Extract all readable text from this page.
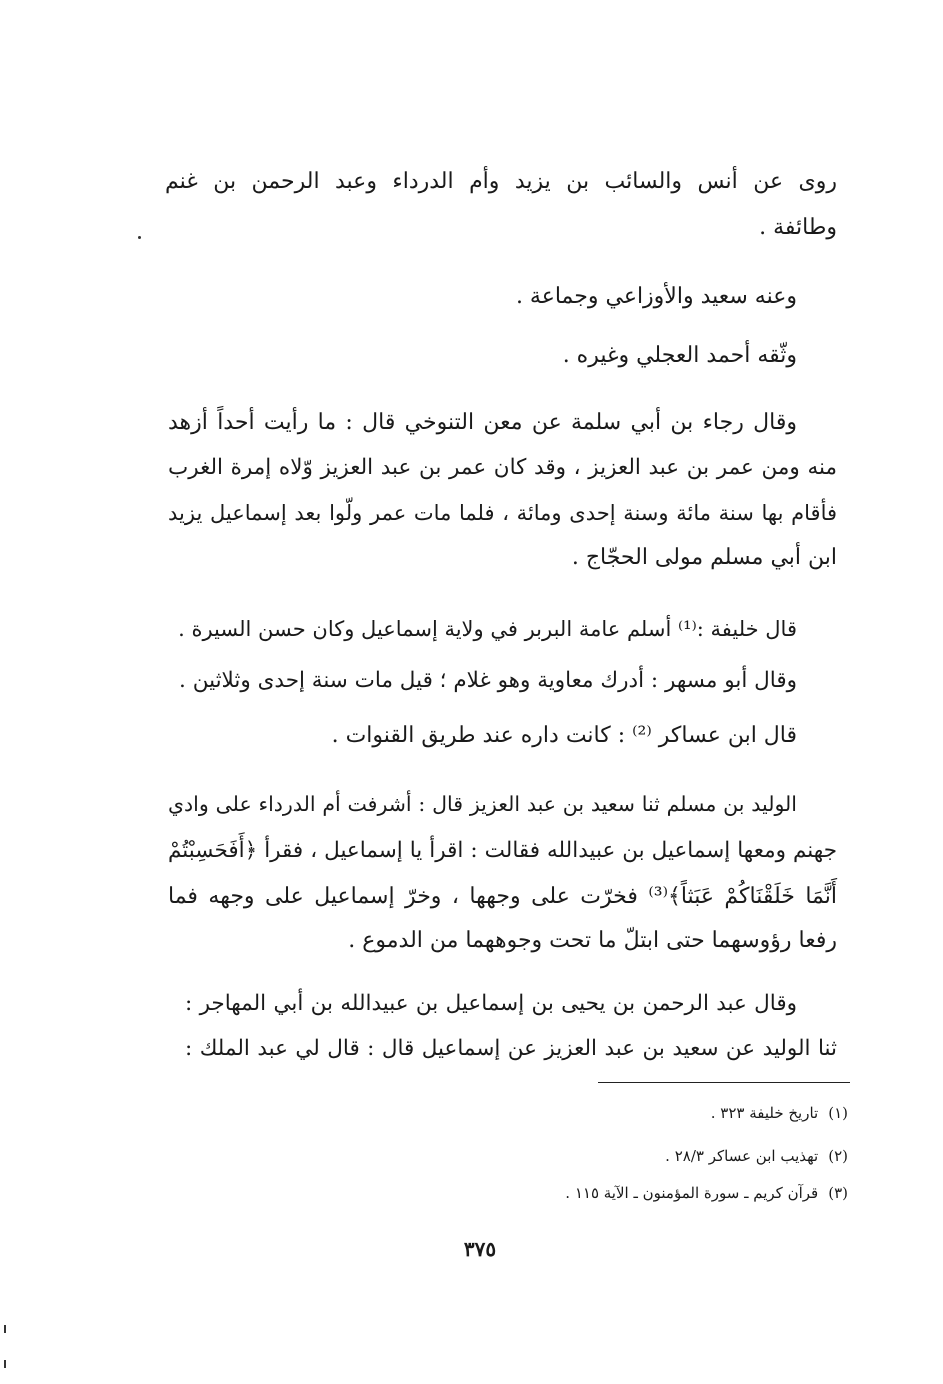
روى عن أنس والسائب بن يزيد وأم الدرداء وعبد الرحمن بن غنم
وطائفة .
وعنه سعيد والأوزاعي وجماعة .
وثّقه أحمد العجلي وغيره .
وقال رجاء بن أبي سلمة عن معن التنوخي قال : ما رأيت أحداً أزهد
منه ومن عمر بن عبد العزيز ، وقد كان عمر بن عبد العزيز وّلاه إمرة الغرب
فأقام بها سنة مائة وسنة إحدى ومائة ، فلما مات عمر ولّوا بعد إسماعيل يزيد
ابن أبي مسلم مولى الحجّاج .
قال خليفة :⁽¹⁾ أسلم عامة البربر في ولاية إسماعيل وكان حسن السيرة .
وقال أبو مسهر : أدرك معاوية وهو غلام ؛ قيل مات سنة إحدى وثلاثين .
قال ابن عساكر ⁽²⁾ : كانت داره عند طريق القنوات .
الوليد بن مسلم ثنا سعيد بن عبد العزيز قال : أشرفت أم الدرداء على وادي
جهنم ومعها إسماعيل بن عبيدالله فقالت : اقرأ يا إسماعيل ، فقرأ ﴿أَفَحَسِبْتُمْ
أَنَّمَا خَلَقْنَاكُمْ عَبَثاً﴾⁽³⁾ فخرّت على وجهها ، وخرّ إسماعيل على وجهه فما
رفعا رؤوسهما حتى ابتلّ ما تحت وجوههما من الدموع .
وقال عبد الرحمن بن يحيى بن إسماعيل بن عبيدالله بن أبي المهاجر :
ثنا الوليد عن سعيد بن عبد العزيز عن إسماعيل قال : قال لي عبد الملك :
(١)تاريخ خليفة ٣٢٣ .
(٢)تهذيب ابن عساكر ٢٨/٣ .
(٣)قرآن كريم ـ سورة المؤمنون ـ الآية ١١٥ .
٣٧٥
